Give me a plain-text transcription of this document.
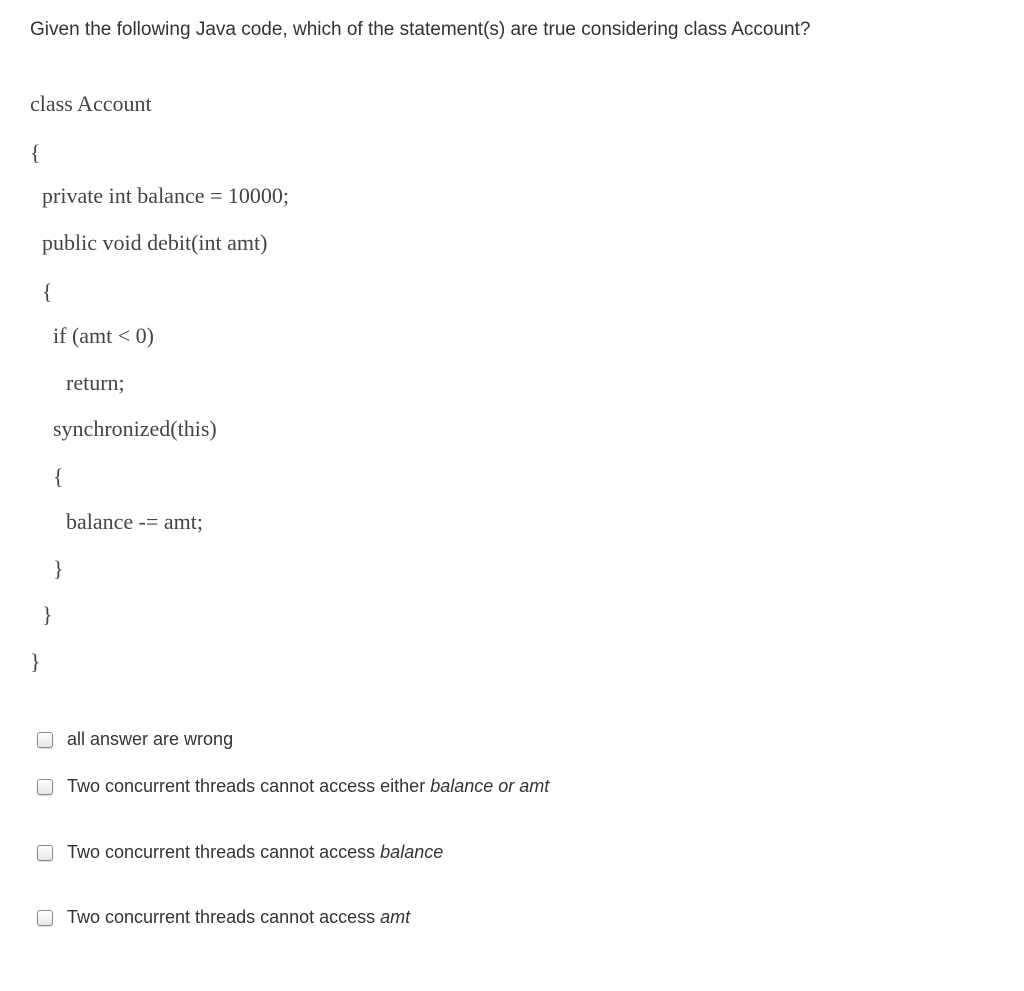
Given the following Java code, which of the statement(s) are true considering class Account?
class Account
{
private int balance = 10000;
public void debit(int amt)
{
if (amt < 0)
return;
synchronized(this)
{
balance -= amt;
}
}
}
all answer are wrong
Two concurrent threads cannot access either balance or amt
Two concurrent threads cannot access balance
Two concurrent threads cannot access amt
